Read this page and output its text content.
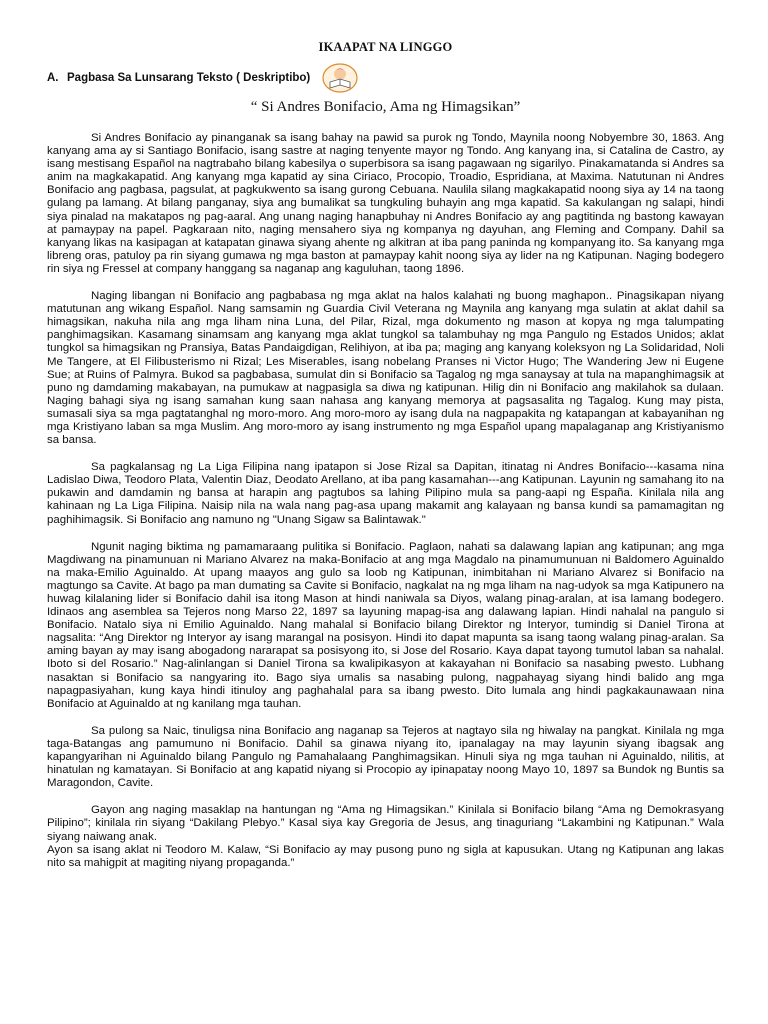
IKAAPAT NA LINGGO
A. Pagbasa Sa Lunsarang Teksto ( Deskriptibo)
“ Si Andres Bonifacio, Ama ng Himagsikan”

Si Andres Bonifacio ay pinanganak sa isang bahay na pawid sa purok ng Tondo, Maynila noong Nobyembre 30, 1863. Ang kanyang ama ay si Santiago Bonifacio, isang sastre at naging tenyente mayor ng Tondo. Ang kanyang ina, si Catalina de Castro, ay isang mestisang Español na nagtrabaho bilang kabesilya o superbisora sa isang pagawaan ng sigarilyo. Pinakamatanda si Andres sa anim na magkakapatid. Ang kanyang mga kapatid ay sina Ciriaco, Procopio, Troadio, Espridiana, at Maxima. Natutunan ni Andres Bonifacio ang pagbasa, pagsulat, at pagkukwento sa isang gurong Cebuana. Naulila silang magkakapatid noong siya ay 14 na taong gulang pa lamang. At bilang panganay, siya ang bumalikat sa tungkuling buhayin ang mga kapatid. Sa kakulangan ng salapi, hindi siya pinalad na makatapos ng pag-aaral. Ang unang naging hanapbuhay ni Andres Bonifacio ay ang pagtitinda ng bastong kawayan at pamaypay na papel. Pagkaraan nito, naging mensahero siya ng kompanya ng dayuhan, ang Fleming and Company. Dahil sa kanyang likas na kasipagan at katapatan ginawa siyang ahente ng alkitran at iba pang paninda ng kompanyang ito. Sa kanyang mga libreng oras, patuloy pa rin siyang gumawa ng mga baston at pamaypay kahit noong siya ay lider na ng Katipunan. Naging bodegero rin siya ng Fressel at company hanggang sa naganap ang kaguluhan, taong 1896.

Naging libangan ni Bonifacio ang pagbabasa ng mga aklat na halos kalahati ng buong maghapon.. Pinagsikapan niyang matutunan ang wikang Español. Nang samsamin ng Guardia Civil Veterana ng Maynila ang kanyang mga sulatin at aklat dahil sa himagsikan, nakuha nila ang mga liham nina Luna, del Pilar, Rizal, mga dokumento ng mason at kopya ng mga talumpating panghimagsikan. Kasamang sinamsam ang kanyang mga aklat tungkol sa talambuhay ng mga Pangulo ng Estados Unidos; aklat tungkol sa himagsikan ng Pransiya, Batas Pandaigdigan, Relihiyon, at iba pa; maging ang kanyang koleksyon ng La Solidaridad, Noli Me Tangere, at El Filibusterismo ni Rizal; Les Miserables, isang nobelang Pranses ni Victor Hugo; The Wandering Jew ni Eugene Sue; at Ruins of Palmyra. Bukod sa pagbabasa, sumulat din si Bonifacio sa Tagalog ng mga sanaysay at tula na mapanghimagsik at puno ng damdaming makabayan, na pumukaw at nagpasigla sa diwa ng katipunan. Hilig din ni Bonifacio ang makilahok sa dulaan. Naging bahagi siya ng isang samahan kung saan nahasa ang kanyang memorya at pagsasalita ng Tagalog. Kung may pista, sumasali siya sa mga pagtatanghal ng moro-moro. Ang moro-moro ay isang dula na nagpapakita ng katapangan at kabayanihan ng mga Kristiyano laban sa mga Muslim. Ang moro-moro ay isang instrumento ng mga Español upang mapalaganap ang Kristiyanismo sa bansa.

Sa pagkalansag ng La Liga Filipina nang ipatapon si Jose Rizal sa Dapitan, itinatag ni Andres Bonifacio---kasama nina Ladislao Diwa, Teodoro Plata, Valentin Diaz, Deodato Arellano, at iba pang kasamahan---ang Katipunan. Layunin ng samahang ito na pukawin and damdamin ng bansa at harapin ang pagtubos sa lahing Pilipino mula sa pang-aapi ng España. Kinilala nila ang kahinaan ng La Liga Filipina. Naisip nila na wala nang pag-asa upang makamit ang kalayaan ng bansa kundi sa pamamagitan ng paghihimagsik. Si Bonifacio ang namuno ng "Unang Sigaw sa Balintawak."

Ngunit naging biktima ng pamamaraang pulitika si Bonifacio. Paglaon, nahati sa dalawang lapian ang katipunan; ang mga Magdiwang na pinamunuan ni Mariano Alvarez na maka-Bonifacio at ang mga Magdalo na pinamumunuan ni Baldomero Aguinaldo na maka-Emilio Aguinaldo. At upang maayos ang gulo sa loob ng Katipunan, inimbitahan ni Mariano Alvarez si Bonifacio na magtungo sa Cavite. At bago pa man dumating sa Cavite si Bonifacio, nagkalat na ng mga liham na nag-udyok sa mga Katipunero na huwag kilalaning lider si Bonifacio dahil isa itong Mason at hindi naniwala sa Diyos, walang pinag-aralan, at isa lamang bodegero. Idinaos ang asemblea sa Tejeros nong Marso 22, 1897 sa layuning mapag-isa ang dalawang lapian. Hindi nahalal na pangulo si Bonifacio. Natalo siya ni Emilio Aguinaldo. Nang mahalal si Bonifacio bilang Direktor ng Interyor, tumindig si Daniel Tirona at nagsalita: “Ang Direktor ng Interyor ay isang marangal na posisyon. Hindi ito dapat mapunta sa isang taong walang pinag-aralan. Sa aming bayan ay may isang abogadong nararapat sa posisyong ito, si Jose del Rosario. Kaya dapat tayong tumutol laban sa nahalal. Iboto si del Rosario.” Nag-alinlangan si Daniel Tirona sa kwalipikasyon at kakayahan ni Bonifacio sa nasabing pwesto. Lubhang nasaktan si Bonifacio sa nangyaring ito. Bago siya umalis sa nasabing pulong, nagpahayag siyang hindi balido ang mga napagpasiyahan, kung kaya hindi itinuloy ang paghahalal para sa ibang pwesto. Dito lumala ang hindi pagkakaunawaan nina Bonifacio at Aguinaldo at ng kanilang mga tauhan.

Sa pulong sa Naic, tinuligsa nina Bonifacio ang naganap sa Tejeros at nagtayo sila ng hiwalay na pangkat. Kinilala ng mga taga-Batangas ang pamumuno ni Bonifacio. Dahil sa ginawa niyang ito, ipanalagay na may layunin siyang ibagsak ang kapangyarihan ni Aguinaldo bilang Pangulo ng Pamahalaang Panghimagsikan. Hinuli siya ng mga tauhan ni Aguinaldo, nilitis, at hinatulan ng kamatayan. Si Bonifacio at ang kapatid niyang si Procopio ay ipinapatay noong Mayo 10, 1897 sa Bundok ng Buntis sa Maragondon, Cavite.

Gayon ang naging masaklap na hantungan ng “Ama ng Himagsikan.” Kinilala si Bonifacio bilang “Ama ng Demokrasyang Pilipino”; kinilala rin siyang “Dakilang Plebyo.” Kasal siya kay Gregoria de Jesus, ang tinaguriang “Lakambini ng Katipunan.” Wala siyang naiwang anak.

Ayon sa isang aklat ni Teodoro M. Kalaw, “Si Bonifacio ay may pusong puno ng sigla at kapusukan. Utang ng Katipunan ang lakas nito sa mahigpit at magiting niyang propaganda.”
